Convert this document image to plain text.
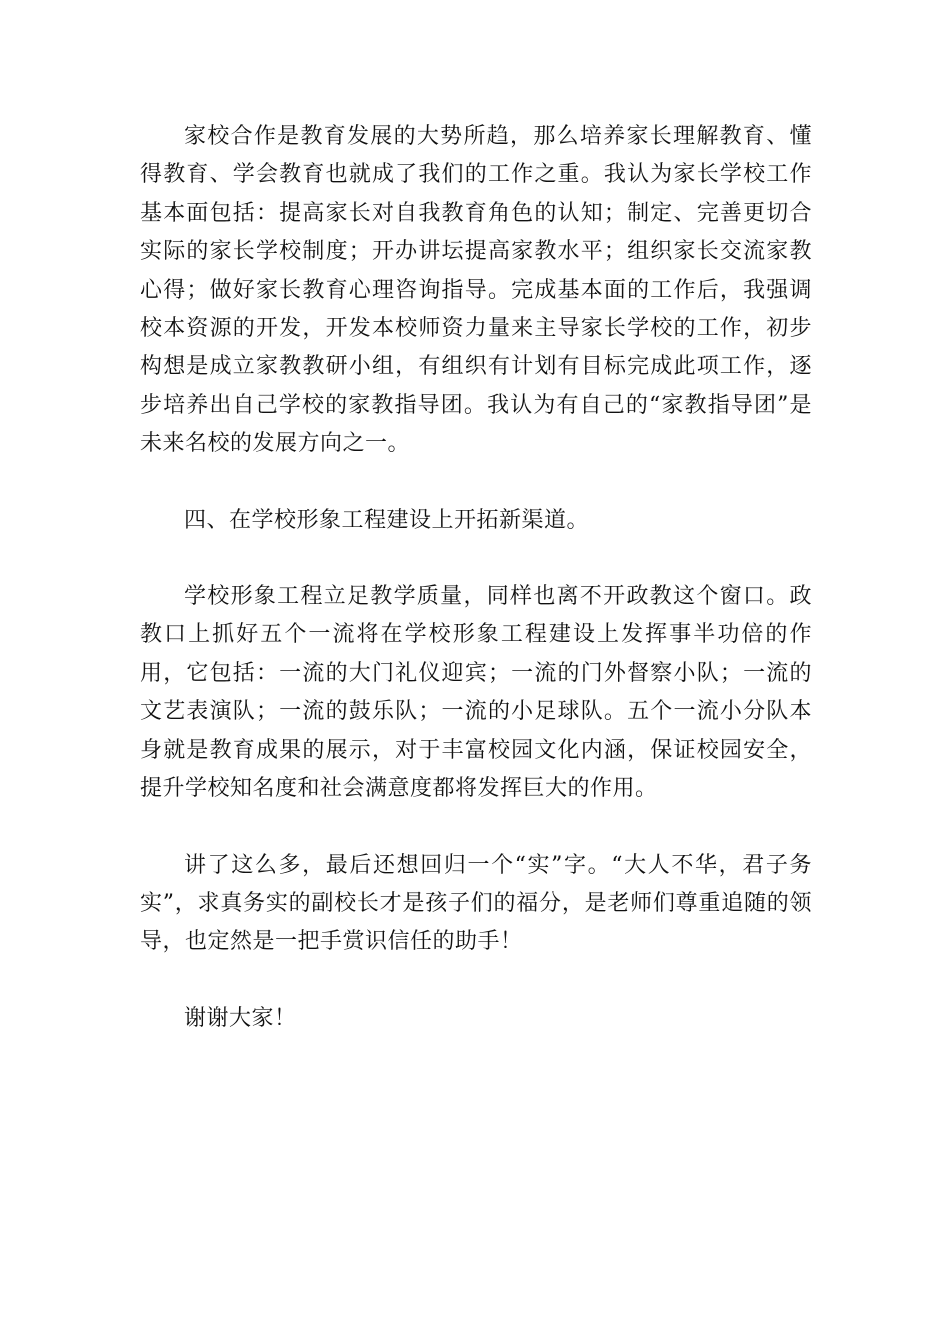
家校合作是教育发展的大势所趋，那么培养家长理解教育、懂得教育、学会教育也就成了我们的工作之重。我认为家长学校工作基本面包括：提高家长对自我教育角色的认知；制定、完善更切合实际的家长学校制度；开办讲坛提高家教水平；组织家长交流家教心得；做好家长教育心理咨询指导。完成基本面的工作后，我强调校本资源的开发，开发本校师资力量来主导家长学校的工作，初步构想是成立家教教研小组，有组织有计划有目标完成此项工作，逐步培养出自己学校的家教指导团。我认为有自己的“家教指导团”是未来名校的发展方向之一。

四、在学校形象工程建设上开拓新渠道。

学校形象工程立足教学质量，同样也离不开政教这个窗口。政教口上抓好五个一流将在学校形象工程建设上发挥事半功倍的作用，它包括：一流的大门礼仪迎宾；一流的门外督察小队；一流的文艺表演队；一流的鼓乐队；一流的小足球队。五个一流小分队本身就是教育成果的展示，对于丰富校园文化内涵，保证校园安全，提升学校知名度和社会满意度都将发挥巨大的作用。

讲了这么多，最后还想回归一个“实”字。“大人不华，君子务实”，求真务实的副校长才是孩子们的福分，是老师们尊重追随的领导，也定然是一把手赏识信任的助手！

谢谢大家！
